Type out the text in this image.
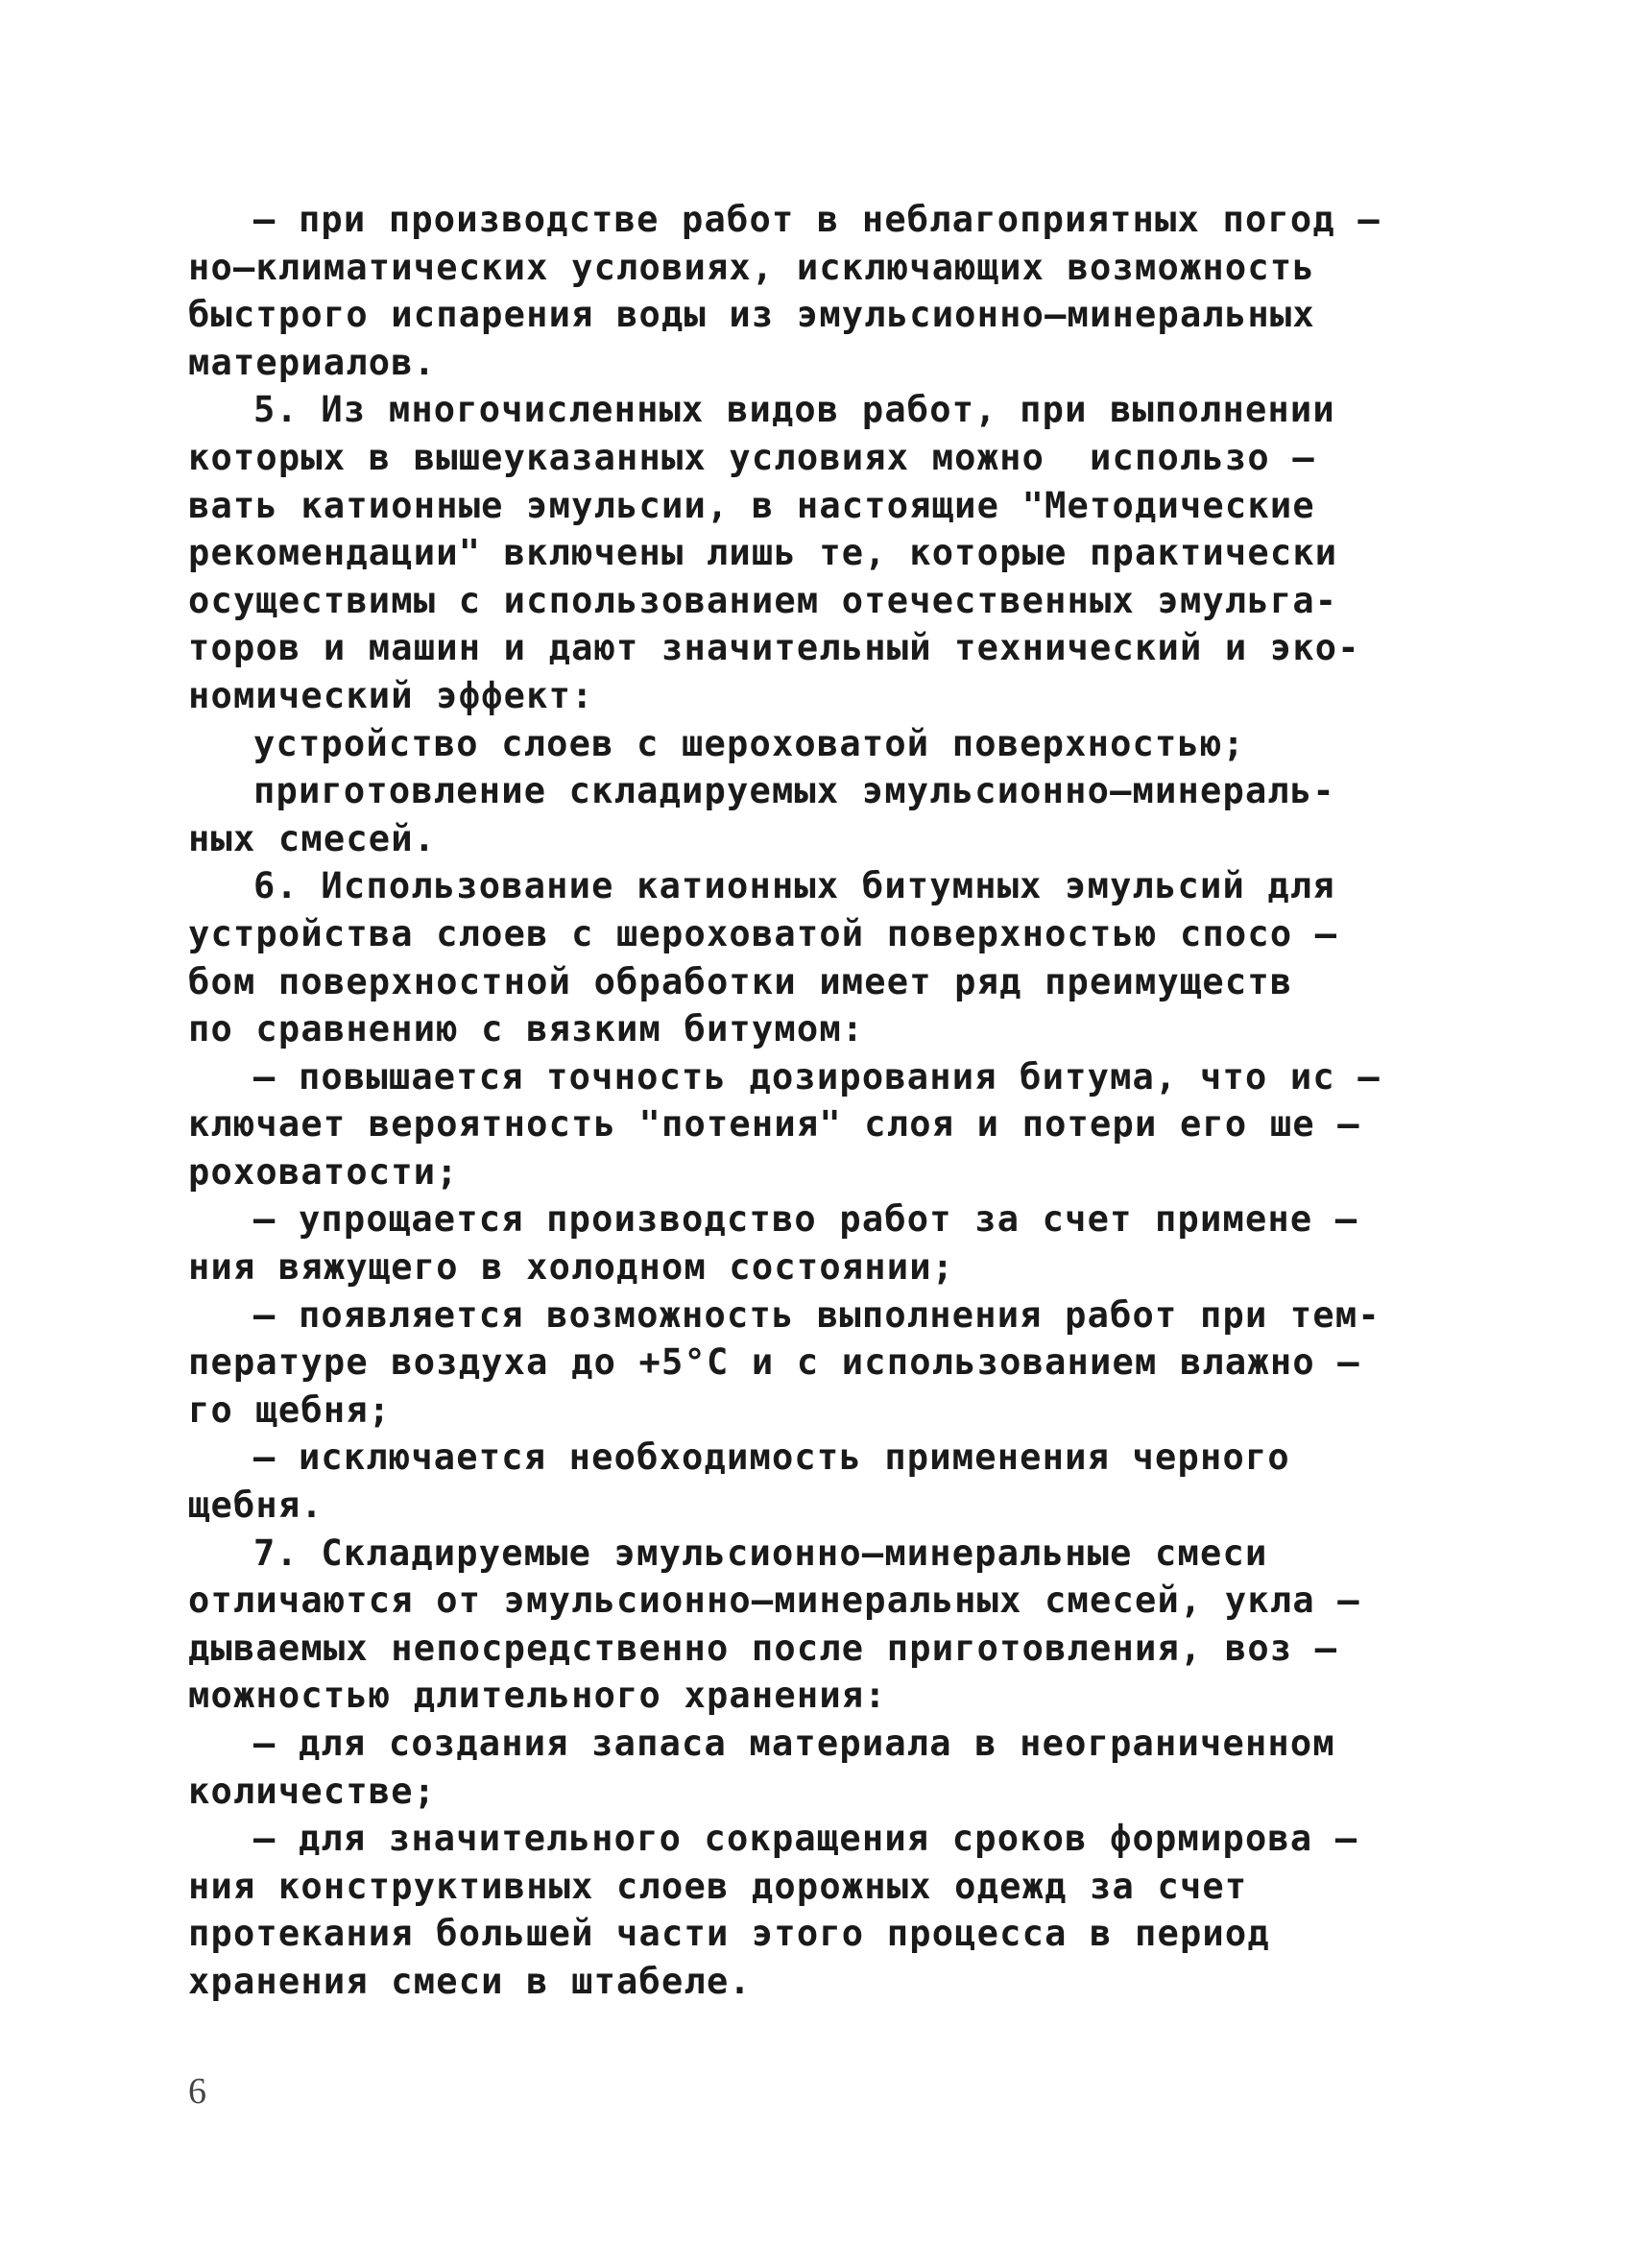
– при производстве работ в неблагоприятных погод –
но–климатических условиях, исключающих возможность
быстрого испарения воды из эмульсионно–минеральных
материалов.
5. Из многочисленных видов работ, при выполнении
которых в вышеуказанных условиях можно  использо –
вать катионные эмульсии, в настоящие "Методические
рекомендации" включены лишь те, которые практически
осуществимы с использованием отечественных эмульга-
торов и машин и дают значительный технический и эко-
номический эффект:
устройство слоев с шероховатой поверхностью;
приготовление складируемых эмульсионно–минераль-
ных смесей.
6. Использование катионных битумных эмульсий для
устройства слоев с шероховатой поверхностью спосо –
бом поверхностной обработки имеет ряд преимуществ
по сравнению с вязким битумом:
– повышается точность дозирования битума, что ис –
ключает вероятность "потения" слоя и потери его ше –
роховатости;
– упрощается производство работ за счет примене –
ния вяжущего в холодном состоянии;
– появляется возможность выполнения работ при тем-
пературе воздуха до +5°С и с использованием влажно –
го щебня;
– исключается необходимость применения черного
щебня.
7. Складируемые эмульсионно–минеральные смеси
отличаются от эмульсионно–минеральных смесей, укла –
дываемых непосредственно после приготовления, воз –
можностью длительного хранения:
– для создания запаса материала в неограниченном
количестве;
– для значительного сокращения сроков формирова –
ния конструктивных слоев дорожных одежд за счет
протекания большей части этого процесса в период
хранения смеси в штабеле.
6
